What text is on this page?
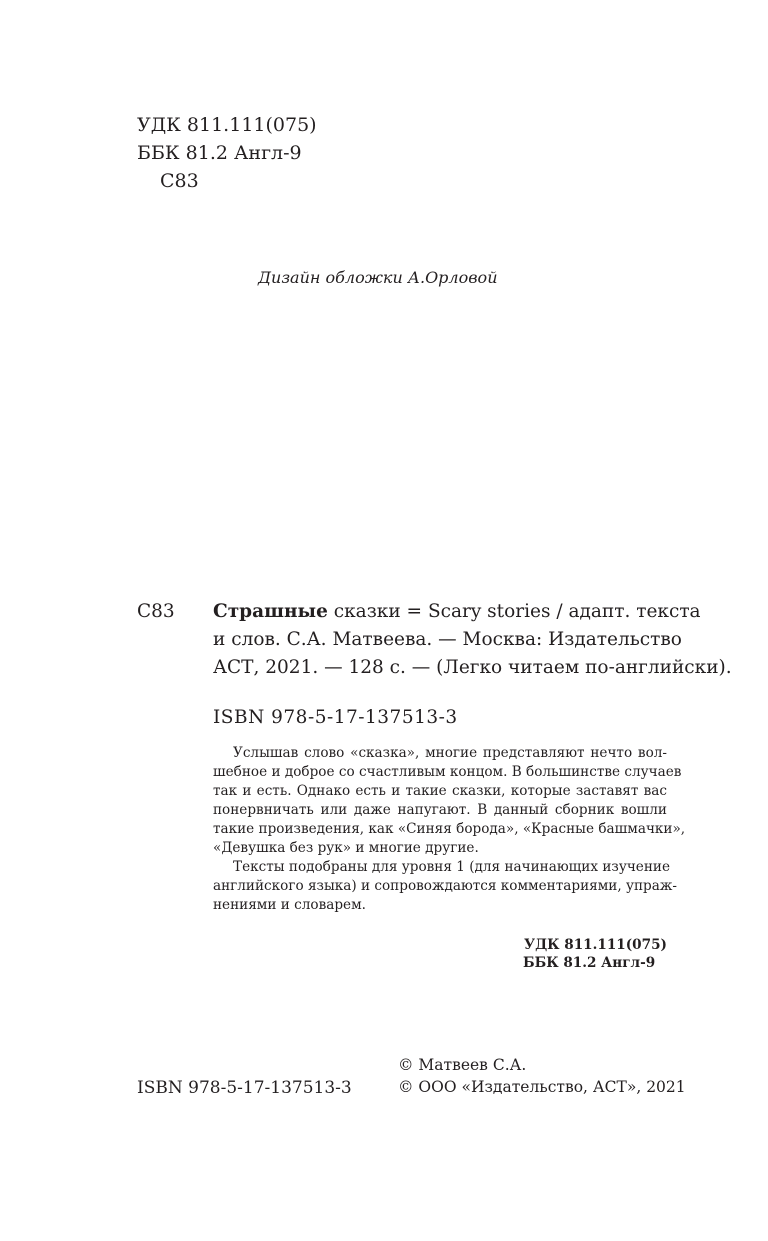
УДК 811.111(075)
ББК 81.2 Англ-9
С83
Дизайн обложки А.Орловой
С83 Страшные сказки = Scary stories / адапт. текста
и слов. С.А. Матвеева. — Москва: Издательство
АСТ, 2021. — 128 с. — (Легко читаем по-английски).
ISBN 978-5-17-137513-3
Услышав слово «сказка», многие представляют нечто вол-
шебное и доброе со счастливым концом. В большинстве случаев
так и есть. Однако есть и такие сказки, которые заставят вас
понервничать или даже напугают. В данный сборник вошли
такие произведения, как «Синяя борода», «Красные башмачки»,
«Девушка без рук» и многие другие.
Тексты подобраны для уровня 1 (для начинающих изучение
английского языка) и сопровождаются комментариями, упраж-
нениями и словарем.
УДК 811.111(075)
ББК 81.2 Англ-9
© Матвеев С.А.
ISBN 978-5-17-137513-3	© ООО «Издательство, АСТ», 2021
